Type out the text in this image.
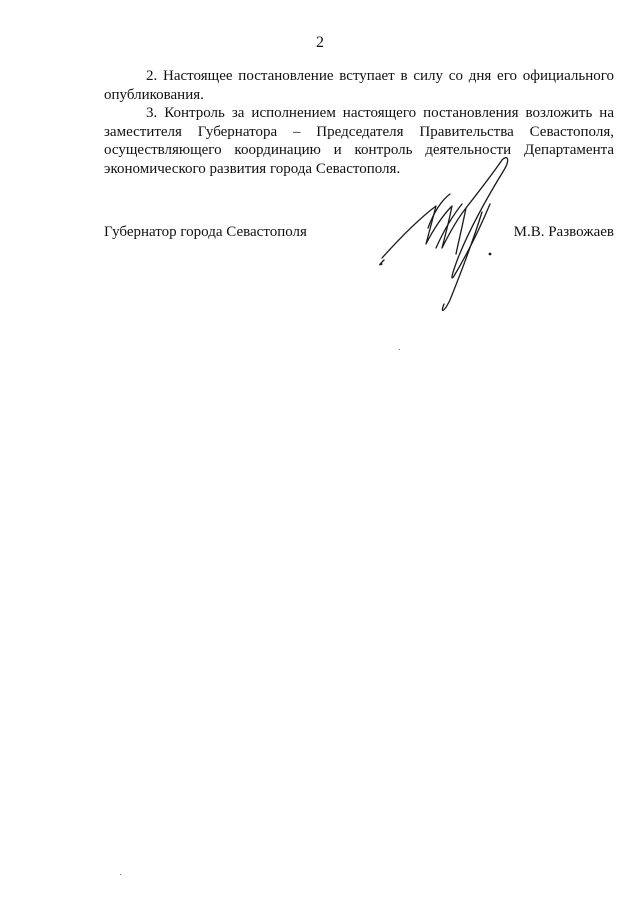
2

2. Настоящее постановление вступает в силу со дня его официального опубликования.

3. Контроль за исполнением настоящего постановления возложить на заместителя Губернатора – Председателя Правительства Севастополя, осуществляющего координацию и контроль деятельности Департамента экономического развития города Севастополя.

Губернатор города Севастополя	М.В. Развожаев
